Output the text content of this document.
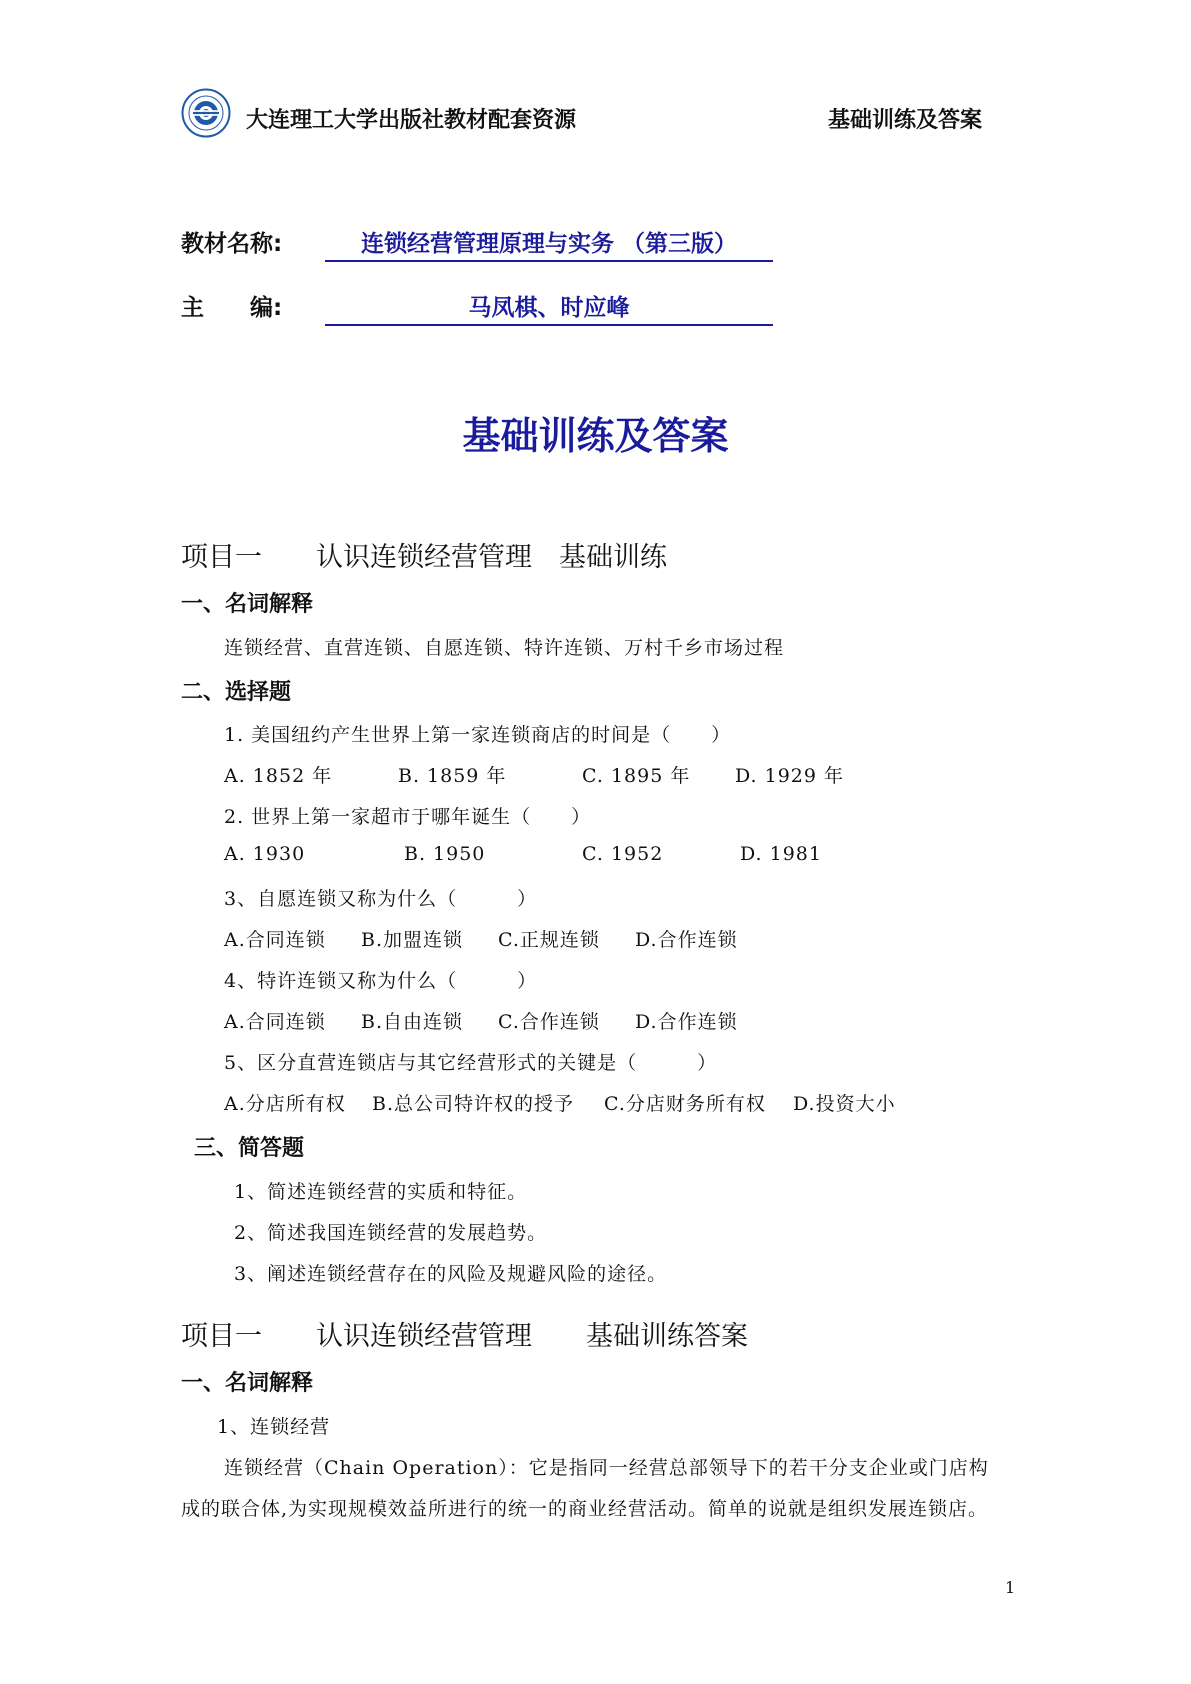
大连理工大学出版社教材配套资源	基础训练及答案
教材名称:	连锁经营管理原理与实务 （第三版）
主　　编:	马凤棋、时应峰
基础训练及答案
项目一　　认识连锁经营管理　基础训练
一、名词解释
连锁经营、直营连锁、自愿连锁、特许连锁、万村千乡市场过程
二、选择题
1. 美国纽约产生世界上第一家连锁商店的时间是（　　）
A. 1852 年	B. 1859 年	C. 1895 年 D. 1929 年
2. 世界上第一家超市于哪年诞生（　　）
A. 1930	B. 1950	C. 1952	D. 1981
3、自愿连锁又称为什么（　　　）
A.合同连锁 B.加盟连锁 C.正规连锁 D.合作连锁
4、特许连锁又称为什么（　　　）
A.合同连锁 B.自由连锁 C.合作连锁 D.合作连锁
5、区分直营连锁店与其它经营形式的关键是（　　　）
A.分店所有权 B.总公司特许权的授予 C.分店财务所有权 D.投资大小
三、简答题
1、简述连锁经营的实质和特征。
2、简述我国连锁经营的发展趋势。
3、阐述连锁经营存在的风险及规避风险的途径。
项目一　　认识连锁经营管理　　基础训练答案
一、名词解释
1、连锁经营
连锁经营（Chain Operation）：它是指同一经营总部领导下的若干分支企业或门店构
成的联合体,为实现规模效益所进行的统一的商业经营活动。简单的说就是组织发展连锁店。
1
